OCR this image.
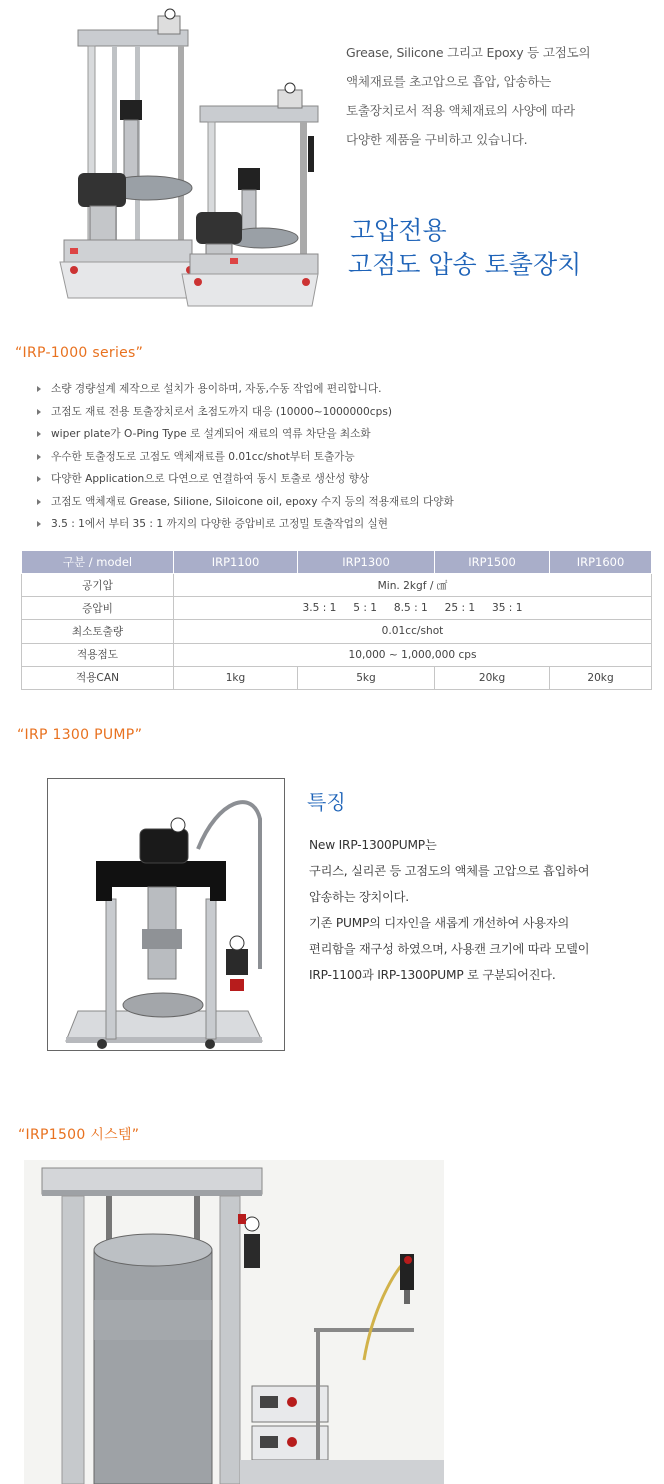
Grease, Silicone 그리고 Epoxy 등 고점도의

액체재료를 초고압으로 흡압, 압송하는

토출장치로서 적용 액체재료의 사양에 따라

다양한 제품을 구비하고 있습니다.

고압전용
고점도 압송 토출장치
“IRP-1000 series”
소량 경량설계 제작으로 설치가 용이하며, 자동,수동 작업에 편리합니다.
고점도 재료 전용 토출장치로서 초점도까지 대응 (10000~1000000cps)
wiper plate가 O-Ping Type 로 설계되어 재료의 역류 차단을 최소화
우수한 토출정도로 고점도 액체재료를 0.01cc/shot부터 토출가능
다양한 Application으로 다연으로 연결하여 동시 토출로 생산성 향상
고점도 액체재료 Grease, Silione, Siloicone oil, epoxy 수지 등의 적용재료의 다양화
3.5 : 1에서 부터 35 : 1 까지의 다양한 증압비로 고정밀 토출작업의 실현
구분 / model	IRP1100	IRP1300	IRP1500	IRP1600
공기압	Min. 2kgf / ㎠			
증압비	3.5 : 1     5 : 1     8.5 : 1     25 : 1     35 : 1			
최소토출량	0.01cc/shot			
적용점도	10,000 ~ 1,000,000 cps			
적용CAN	1kg	5kg	20kg	20kg
“IRP 1300 PUMP”
특징

New IRP-1300PUMP는

구리스, 실리콘 등 고점도의 액체를 고압으로 흡입하여

압송하는 장치이다.

기존 PUMP의 디자인을 새롭게 개선하여 사용자의

편리함을 재구성 하였으며, 사용캔 크기에 따라 모델이

IRP-1100과 IRP-1300PUMP 로 구분되어진다.

“IRP1500 시스템”
